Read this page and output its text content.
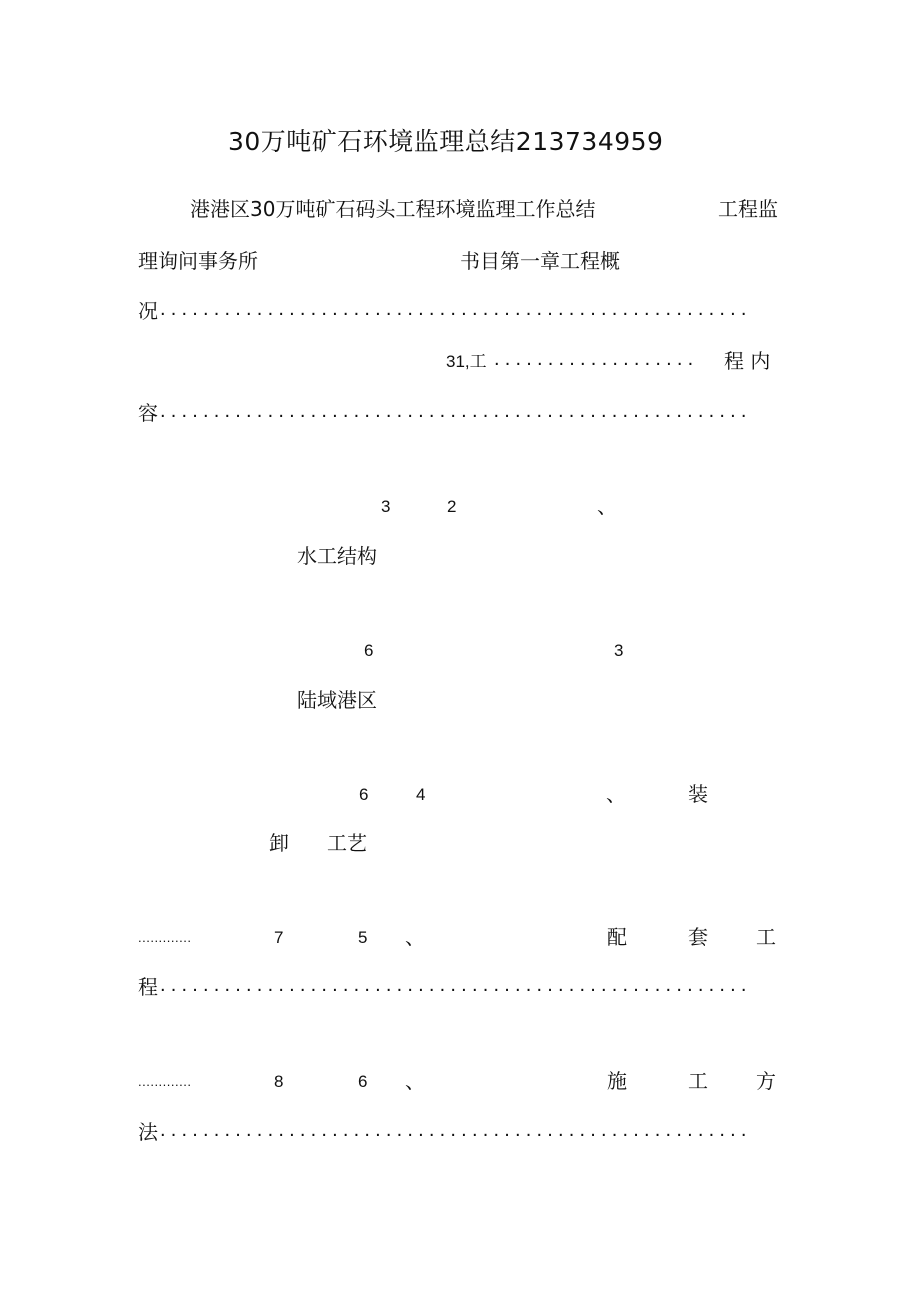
30万吨矿石环境监理总结213734959
港港区30万吨矿石码头工程环境监理工作总结	工程监
理询问事务所	书目第一章工程概
况 .......................................................
31,工 ................... 程 内
容 .......................................................
3	2	、
水工结构
6	3
陆域港区
6	4	、	装
卸 工艺
.............	7	5 、	配	套 工
程 .......................................................
.............	8	6 、	施	工 方
法 .......................................................
